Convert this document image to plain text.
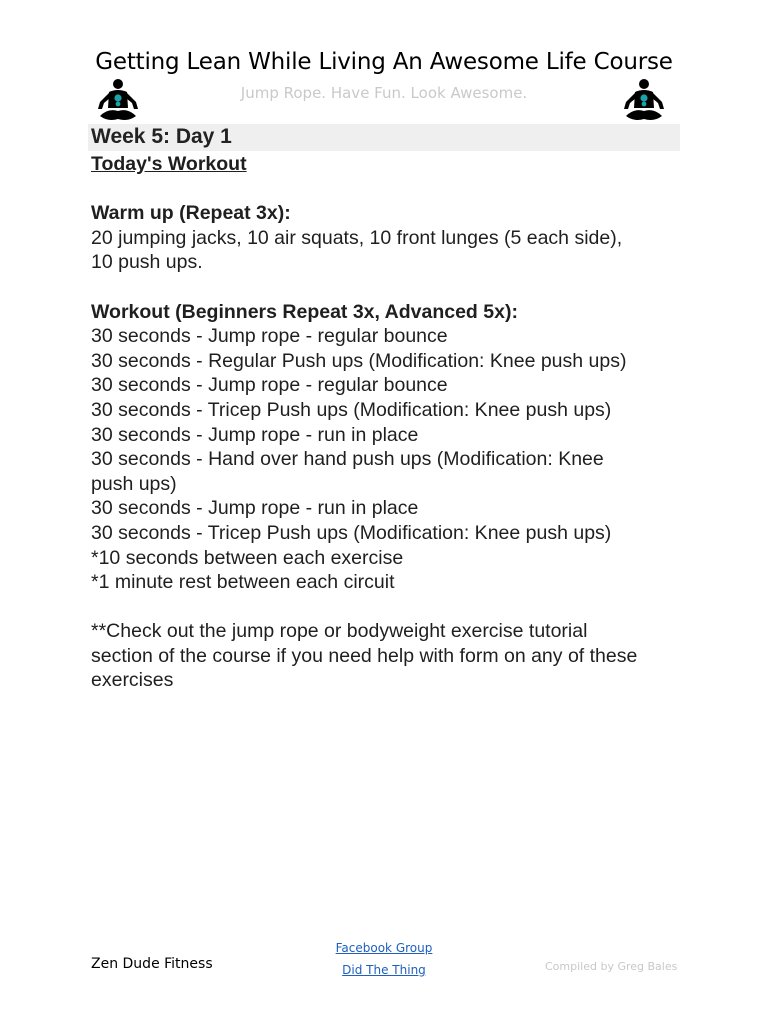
Getting Lean While Living An Awesome Life Course
Jump Rope. Have Fun. Look Awesome.
Week 5: Day 1
Today's Workout
Warm up (Repeat 3x):
20 jumping jacks, 10 air squats, 10 front lunges (5 each side),
10 push ups.
Workout (Beginners Repeat 3x, Advanced 5x):
30 seconds - Jump rope - regular bounce
30 seconds - Regular Push ups (Modification: Knee push ups)
30 seconds - Jump rope - regular bounce
30 seconds - Tricep Push ups (Modification: Knee push ups)
30 seconds - Jump rope - run in place
30 seconds - Hand over hand push ups (Modification: Knee
push ups)
30 seconds - Jump rope - run in place
30 seconds - Tricep Push ups (Modification: Knee push ups)
*10 seconds between each exercise
*1 minute rest between each circuit
**Check out the jump rope or bodyweight exercise tutorial
section of the course if you need help with form on any of these
exercises
Zen Dude Fitness
Facebook Group
Did The Thing	Compiled by Greg Bales
